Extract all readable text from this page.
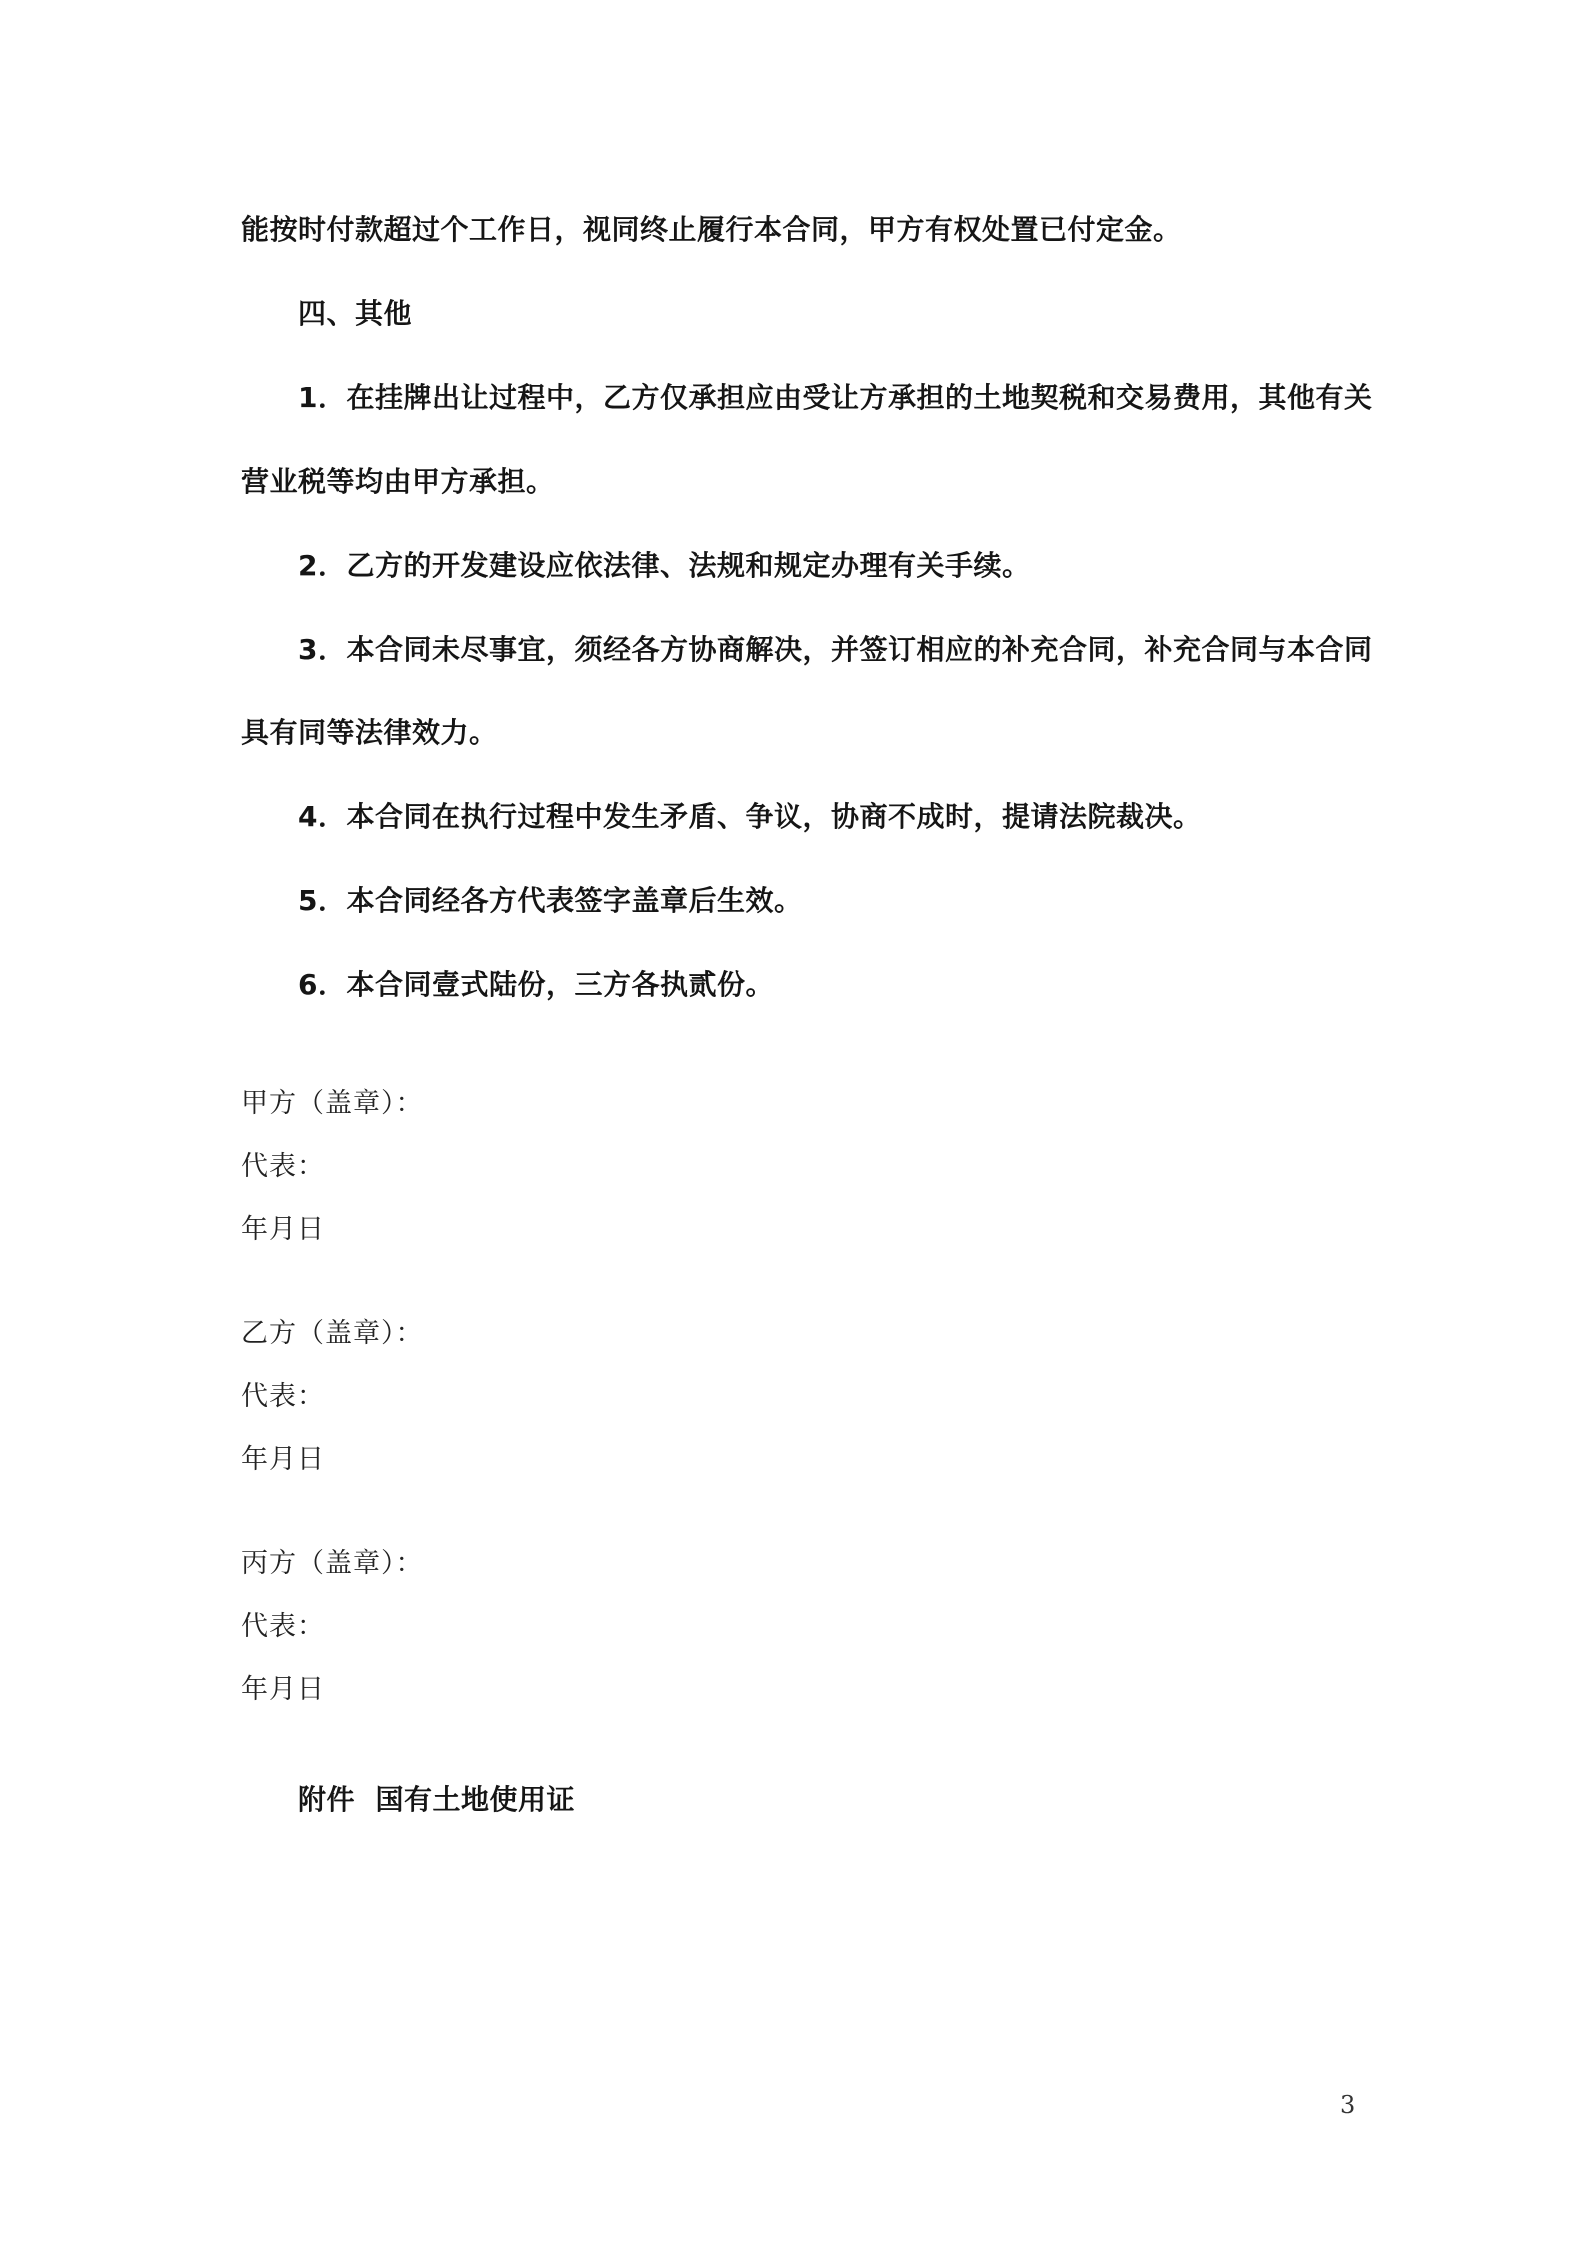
能按时付款超过个工作日，视同终止履行本合同，甲方有权处置已付定金。
四、其他
1．在挂牌出让过程中，乙方仅承担应由受让方承担的土地契税和交易费用，其他有关
营业税等均由甲方承担。
2．乙方的开发建设应依法律、法规和规定办理有关手续。
3．本合同未尽事宜，须经各方协商解决，并签订相应的补充合同，补充合同与本合同
具有同等法律效力。
4．本合同在执行过程中发生矛盾、争议，协商不成时，提请法院裁决。
5．本合同经各方代表签字盖章后生效。
6．本合同壹式陆份，三方各执贰份。
甲方（盖章）：
代表：
年月日
乙方（盖章）：
代表：
年月日
丙方（盖章）：
代表：
年月日
附件  国有土地使用证
3
